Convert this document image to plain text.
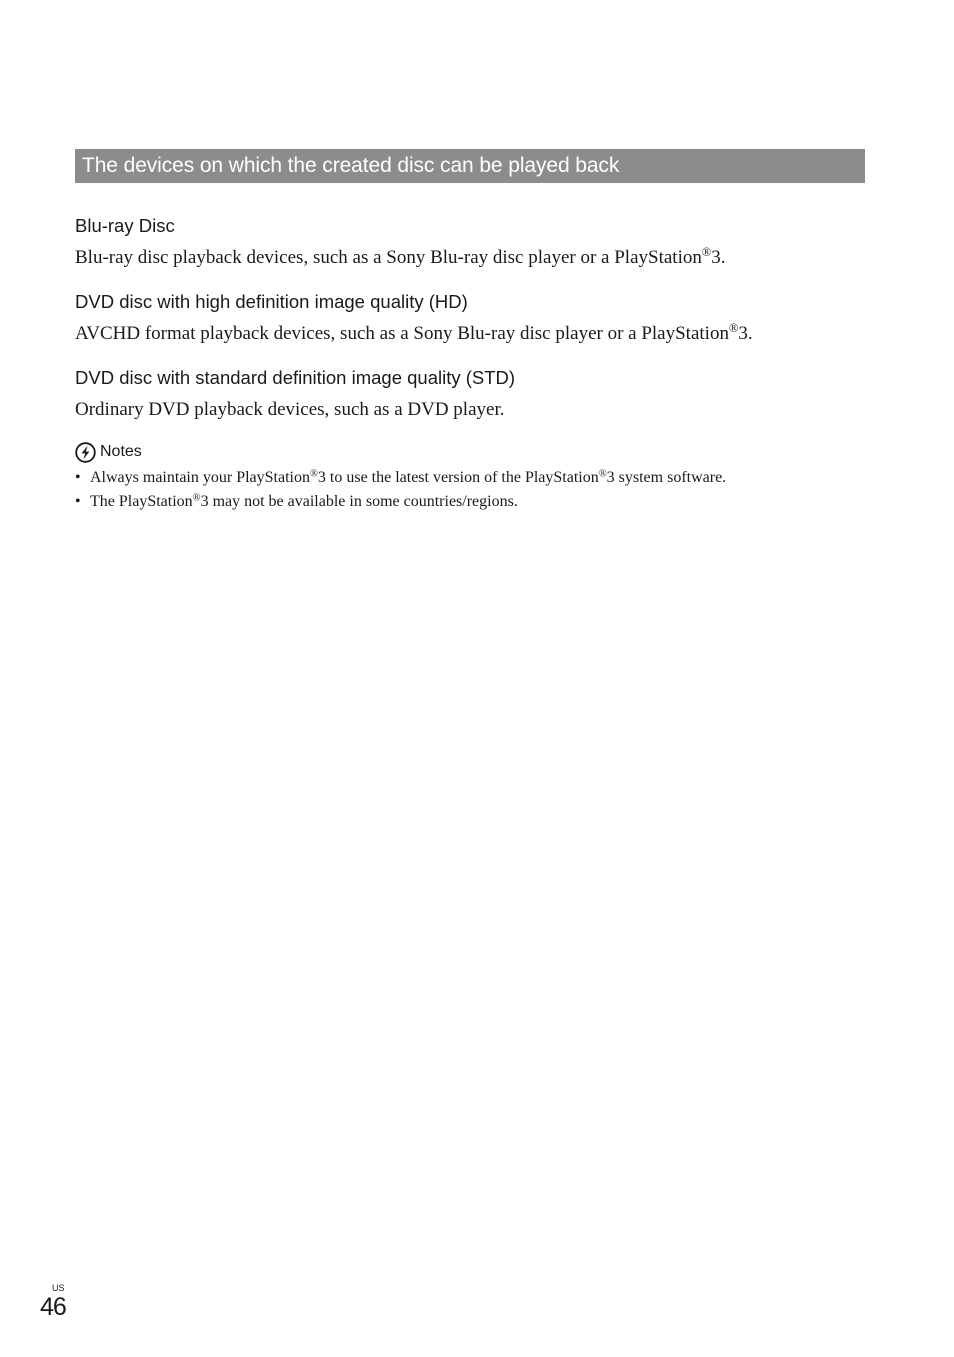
The devices on which the created disc can be played back

Blu-ray Disc

Blu-ray disc playback devices, such as a Sony Blu-ray disc player or a PlayStation®3.

DVD disc with high definition image quality (HD)

AVCHD format playback devices, such as a Sony Blu-ray disc player or a PlayStation®3.

DVD disc with standard definition image quality (STD)

Ordinary DVD playback devices, such as a DVD player.

Notes
• Always maintain your PlayStation®3 to use the latest version of the PlayStation®3 system software.
• The PlayStation®3 may not be available in some countries/regions.
US
46
